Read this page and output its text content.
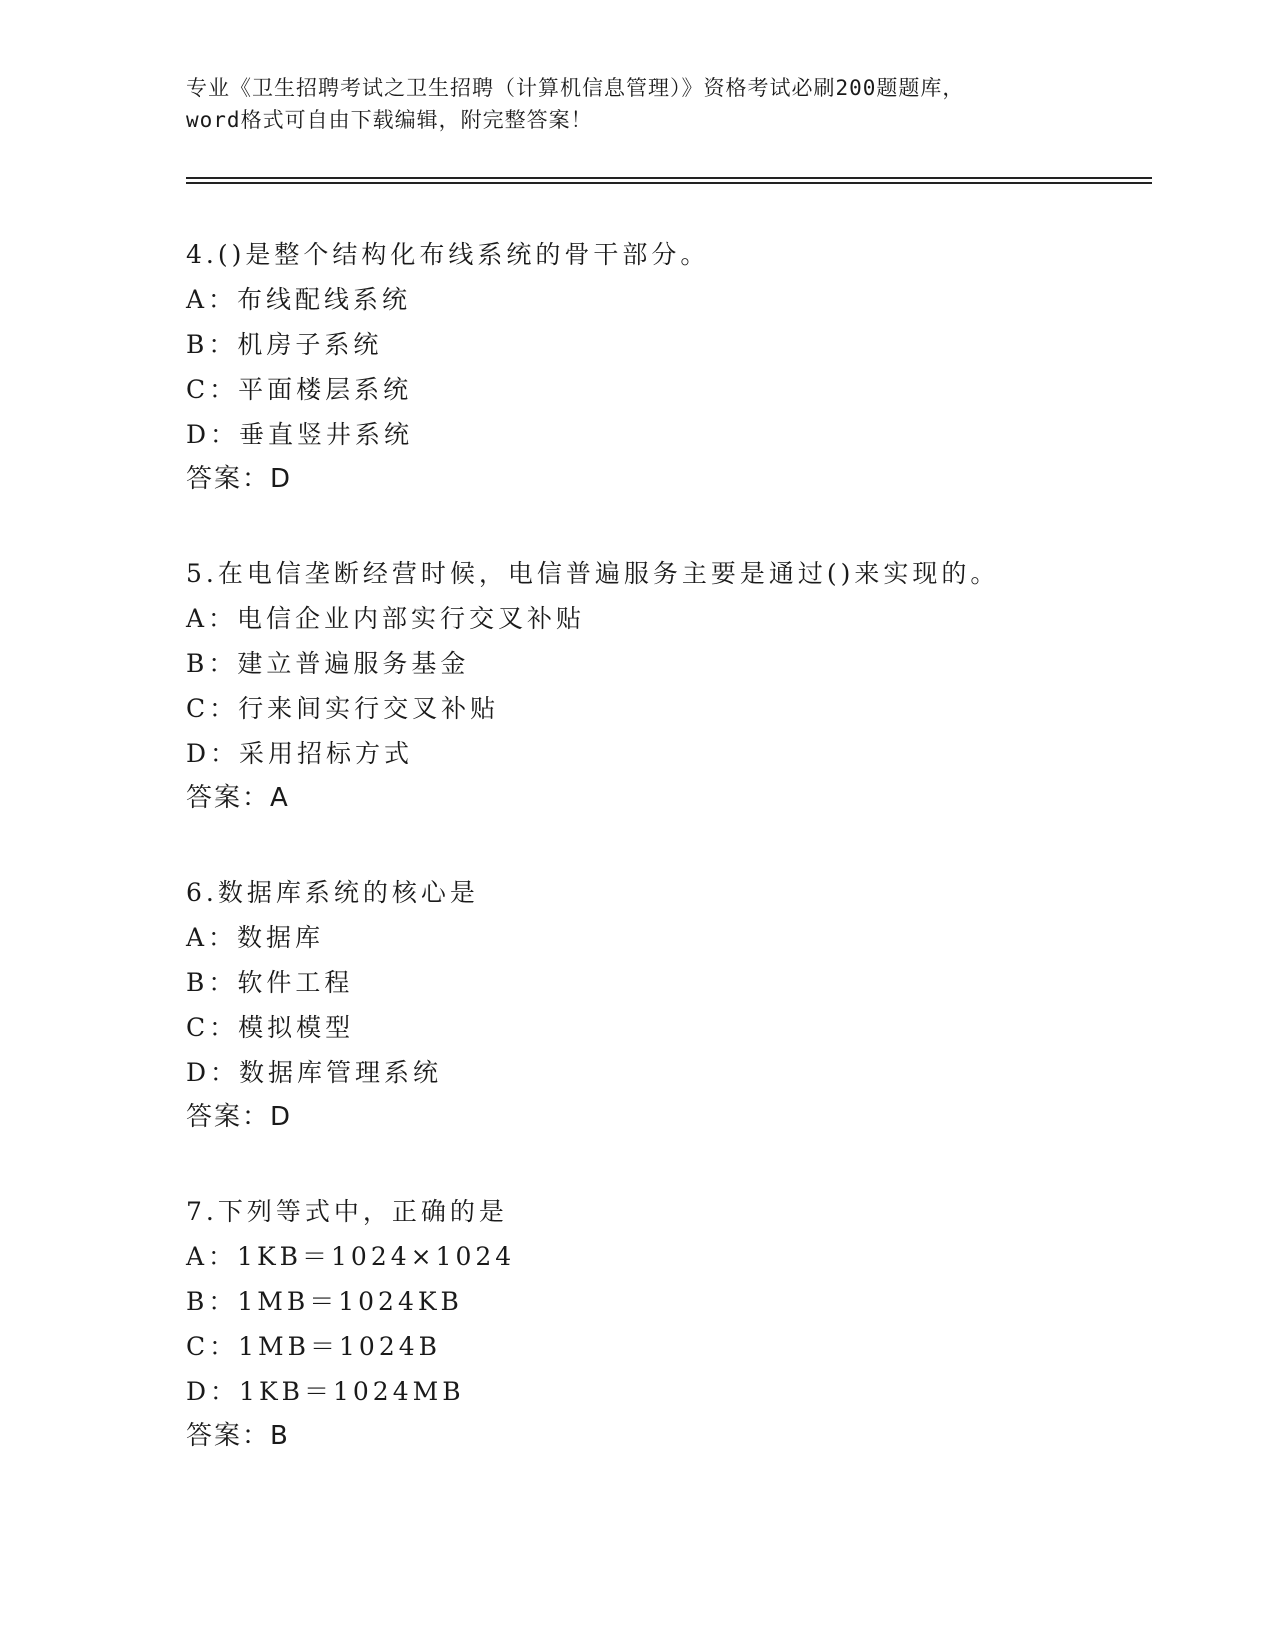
专业《卫生招聘考试之卫生招聘（计算机信息管理）》资格考试必刷200题题库，
word格式可自由下载编辑，附完整答案！
4.()是整个结构化布线系统的骨干部分。
A：布线配线系统
B：机房子系统
C：平面楼层系统
D：垂直竖井系统
答案：D
5.在电信垄断经营时候，电信普遍服务主要是通过()来实现的。
A：电信企业内部实行交叉补贴
B：建立普遍服务基金
C：行来间实行交叉补贴
D：采用招标方式
答案：A
6.数据库系统的核心是
A：数据库
B：软件工程
C：模拟模型
D：数据库管理系统
答案：D
7.下列等式中，正确的是
A：1KB＝1024×1024
B：1MB＝1024KB
C：1MB＝1024B
D：1KB＝1024MB
答案：B
